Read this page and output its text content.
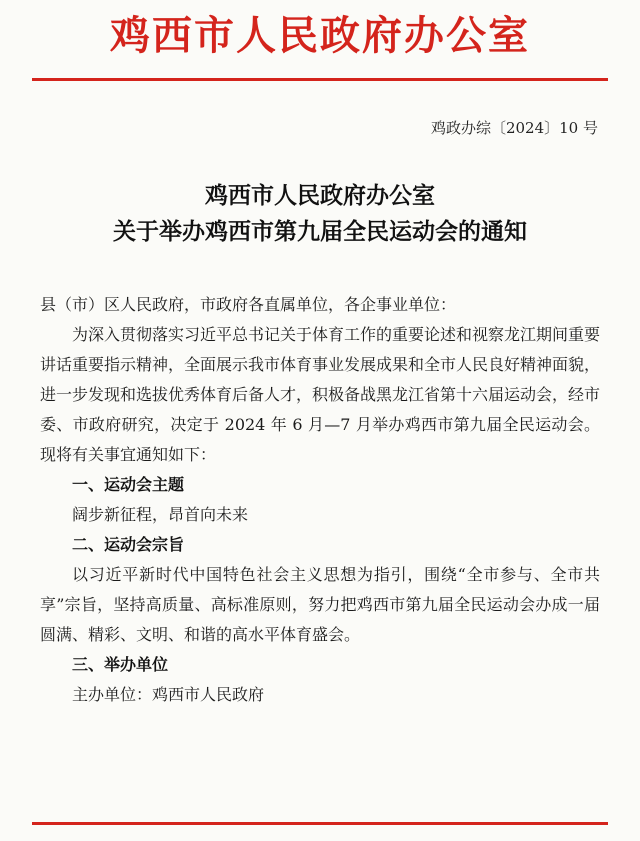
鸡西市人民政府办公室
鸡政办综〔2024〕10 号
鸡西市人民政府办公室
关于举办鸡西市第九届全民运动会的通知

县（市）区人民政府，市政府各直属单位，各企事业单位：

为深入贯彻落实习近平总书记关于体育工作的重要论述和视察龙江期间重要讲话重要指示精神，全面展示我市体育事业发展成果和全市人民良好精神面貌，进一步发现和选拔优秀体育后备人才，积极备战黑龙江省第十六届运动会，经市委、市政府研究，决定于 2024 年 6 月—7 月举办鸡西市第九届全民运动会。现将有关事宜通知如下：

一、运动会主题

阔步新征程，昂首向未来

二、运动会宗旨

以习近平新时代中国特色社会主义思想为指引，围绕“全市参与、全市共享”宗旨，坚持高质量、高标准原则，努力把鸡西市第九届全民运动会办成一届圆满、精彩、文明、和谐的高水平体育盛会。

三、举办单位

主办单位：鸡西市人民政府
